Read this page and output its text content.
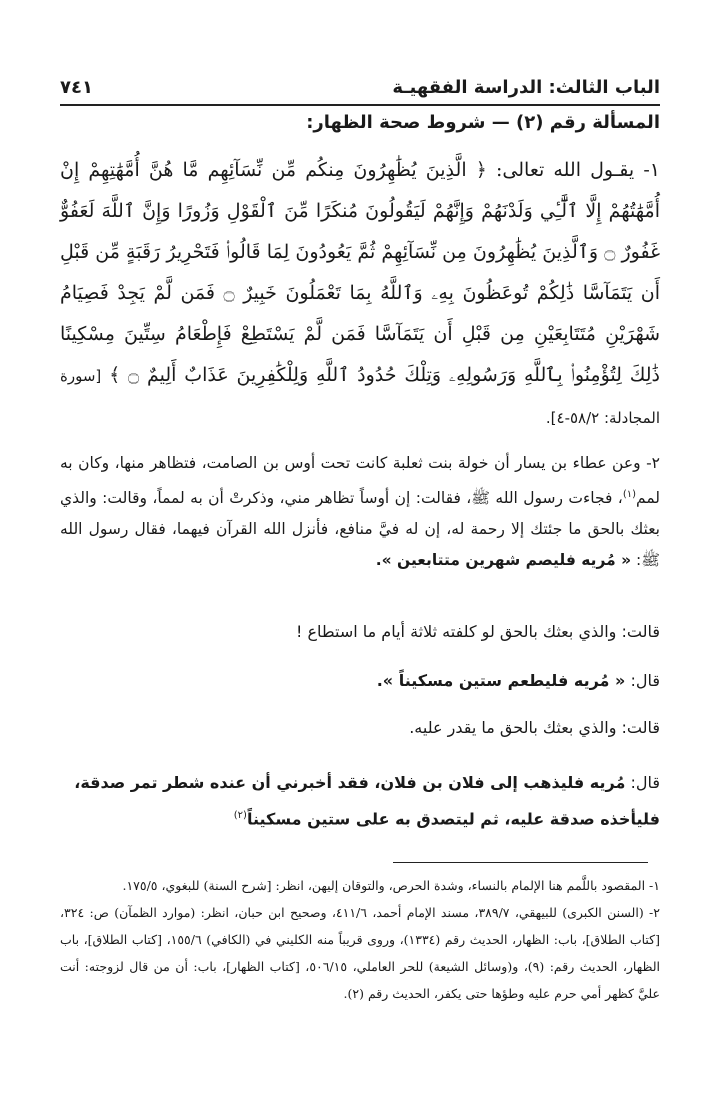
الباب الثالث: الدراسة الفقهيـة
٧٤١
المسألة رقم (٢) — شروط صحة الظهار:
١- يقـول الله تعالى: ﴿ الَّذِينَ يُظَٰهِرُونَ مِنكُم مِّن نِّسَآئِهِم مَّا هُنَّ أُمَّهَٰتِهِمْ إِنْ أُمَّهَٰتُهُمْ إِلَّا ٱلَّٰٓـِٔي وَلَدْنَهُمْ وَإِنَّهُمْ لَيَقُولُونَ مُنكَرًا مِّنَ ٱلْقَوْلِ وَزُورًا وَإِنَّ ٱللَّهَ لَعَفُوٌّ غَفُورٌ ۝ وَٱلَّذِينَ يُظَٰهِرُونَ مِن نِّسَآئِهِمْ ثُمَّ يَعُودُونَ لِمَا قَالُوا۟ فَتَحْرِيرُ رَقَبَةٍ مِّن قَبْلِ أَن يَتَمَآسَّا ذَٰلِكُمْ تُوعَظُونَ بِهِۦ وَٱللَّهُ بِمَا تَعْمَلُونَ خَبِيرٌ ۝ فَمَن لَّمْ يَجِدْ فَصِيَامُ شَهْرَيْنِ مُتَتَابِعَيْنِ مِن قَبْلِ أَن يَتَمَآسَّا فَمَن لَّمْ يَسْتَطِعْ فَإِطْعَامُ سِتِّينَ مِسْكِينًا ذَٰلِكَ لِتُؤْمِنُوا۟ بِٱللَّهِ وَرَسُولِهِۦ وَتِلْكَ حُدُودُ ٱللَّهِ وَلِلْكَٰفِرِينَ عَذَابٌ أَلِيمٌ ۝ ﴾ [سورة المجادلة: ٥٨/٢-٤].
٢- وعن عطاء بن يسار أن خولة بنت ثعلبة كانت تحت أوس بن الصامت، فتظاهر منها، وكان به لمم$^{(١)}$، فجاءت رسول الله ﷺ، فقالت: إن أوساً تظاهر مني، وذكرتْ أن به لمماً، وقالت: والذي بعثك بالحق ما جئتك إلا رحمة له، إن له فيَّ منافع، فأنزل الله القرآن فيهما، فقال رسول الله ﷺ: « مُريه فليصم شهرين متتابعين ».
قالت: والذي بعثك بالحق لو كلفته ثلاثة أيام ما استطاع !
قال: « مُريه فليطعم ستين مسكيناً ».
قالت: والذي بعثك بالحق ما يقدر عليه.
قال: مُريه فليذهب إلى فلان بن فلان، فقد أخبرني أن عنده شطر تمر صدقة، فليأخذه صدقة عليه، ثم ليتصدق به على ستين مسكيناً$^{(٢)}$
١- المقصود باللَّمم هنا الإلمام بالنساء، وشدة الحرص، والتوقان إليهن، انظر: [شرح السنة) للبغوي، ١٧٥/٥.
٢- (السنن الكبرى) للبيهقي، ٣٨٩/٧، مسند الإمام أحمد، ٤١١/٦، وصحيح ابن حبان، انظر: (موارد الظمآن) ص: ٣٢٤، [كتاب الطلاق]، باب: الظهار، الحديث رقم (١٣٣٤)، وروى قريباً منه الكليني في (الكافي) ١٥٥/٦، [كتاب الطلاق]، باب الظهار، الحديث رقم: (٩)، و(وسائل الشيعة) للحر العاملي، ٥٠٦/١٥، [كتاب الظهار]، باب: أن من قال لزوجته: أنت عليَّ كظهر أمي حرم عليه وطؤها حتى يكفر، الحديث رقم (٢).
